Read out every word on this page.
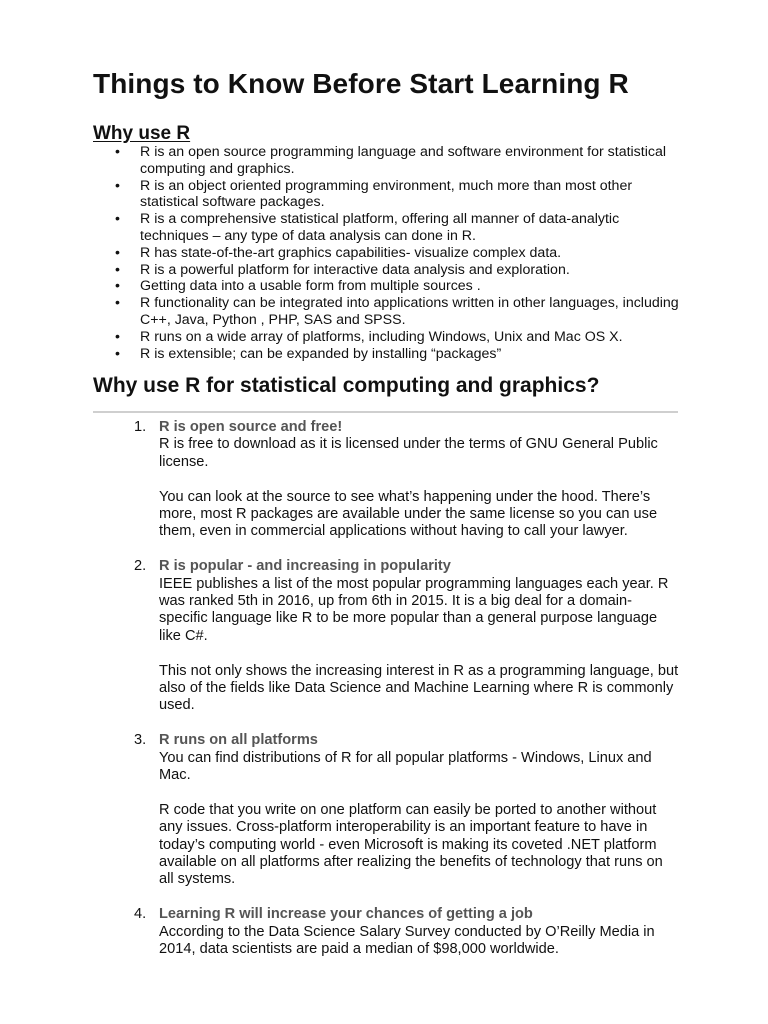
Things to Know Before Start Learning R
Why use R
• R is an open source programming language and software environment for statistical computing and graphics.
• R is an object oriented programming environment, much more than most other statistical software packages.
• R is a comprehensive statistical platform, offering all manner of data-analytic techniques – any type of data analysis can done in R.
• R has state-of-the-art graphics capabilities- visualize complex data.
• R is a powerful platform for interactive data analysis and exploration.
• Getting data into a usable form from multiple sources .
• R functionality can be integrated into applications written in other languages, including C++, Java, Python , PHP, SAS and SPSS.
• R runs on a wide array of platforms, including Windows, Unix and Mac OS X.
• R is extensible; can be expanded by installing “packages”
Why use R for statistical computing and graphics?
1. R is open source and free!
R is free to download as it is licensed under the terms of GNU General Public license.
You can look at the source to see what’s happening under the hood. There’s more, most R packages are available under the same license so you can use them, even in commercial applications without having to call your lawyer.
2. R is popular - and increasing in popularity
IEEE publishes a list of the most popular programming languages each year. R was ranked 5th in 2016, up from 6th in 2015. It is a big deal for a domain-specific language like R to be more popular than a general purpose language like C#.
This not only shows the increasing interest in R as a programming language, but also of the fields like Data Science and Machine Learning where R is commonly used.
3. R runs on all platforms
You can find distributions of R for all popular platforms - Windows, Linux and Mac.
R code that you write on one platform can easily be ported to another without any issues. Cross-platform interoperability is an important feature to have in today’s computing world - even Microsoft is making its coveted .NET platform available on all platforms after realizing the benefits of technology that runs on all systems.
4. Learning R will increase your chances of getting a job
According to the Data Science Salary Survey conducted by O’Reilly Media in 2014, data scientists are paid a median of $98,000 worldwide.
